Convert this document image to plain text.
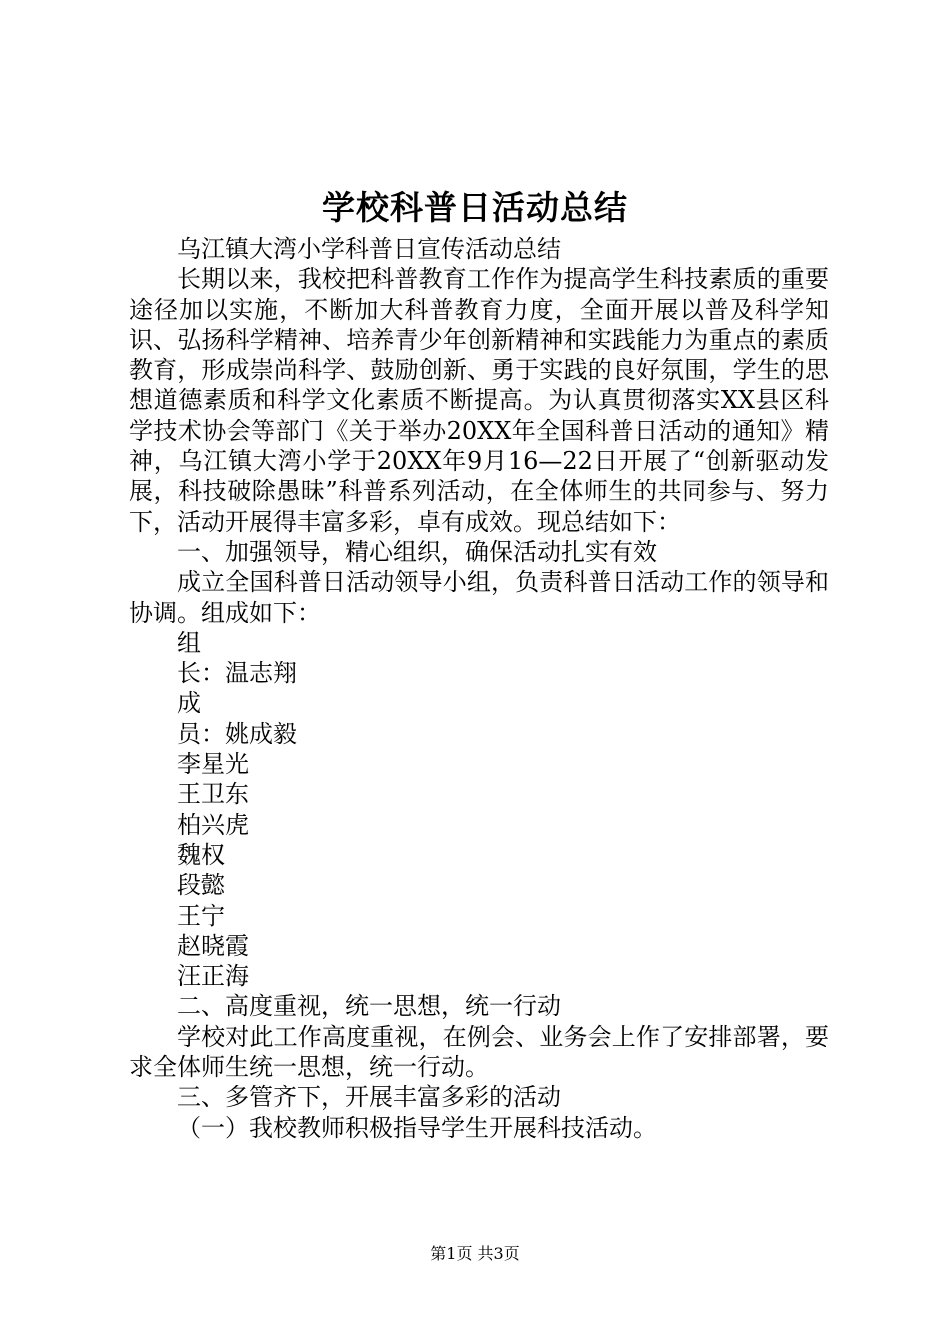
学校科普日活动总结

乌江镇大湾小学科普日宣传活动总结

长期以来，我校把科普教育工作作为提高学生科技素质的重要途径加以实施，不断加大科普教育力度，全面开展以普及科学知识、弘扬科学精神、培养青少年创新精神和实践能力为重点的素质教育，形成崇尚科学、鼓励创新、勇于实践的良好氛围，学生的思想道德素质和科学文化素质不断提高。为认真贯彻落实XX县区科学技术协会等部门《关于举办20XX年全国科普日活动的通知》精神，乌江镇大湾小学于20XX年9月16—22日开展了“创新驱动发展，科技破除愚昧”科普系列活动，在全体师生的共同参与、努力下，活动开展得丰富多彩，卓有成效。现总结如下：

一、加强领导，精心组织，确保活动扎实有效

成立全国科普日活动领导小组，负责科普日活动工作的领导和协调。组成如下：

组

长：温志翔

成

员：姚成毅

李星光

王卫东

柏兴虎

魏权

段懿

王宁

赵晓霞

汪正海

二、高度重视，统一思想，统一行动

学校对此工作高度重视，在例会、业务会上作了安排部署，要求全体师生统一思想，统一行动。

三、多管齐下，开展丰富多彩的活动

（一）我校教师积极指导学生开展科技活动。

第1页 共3页
